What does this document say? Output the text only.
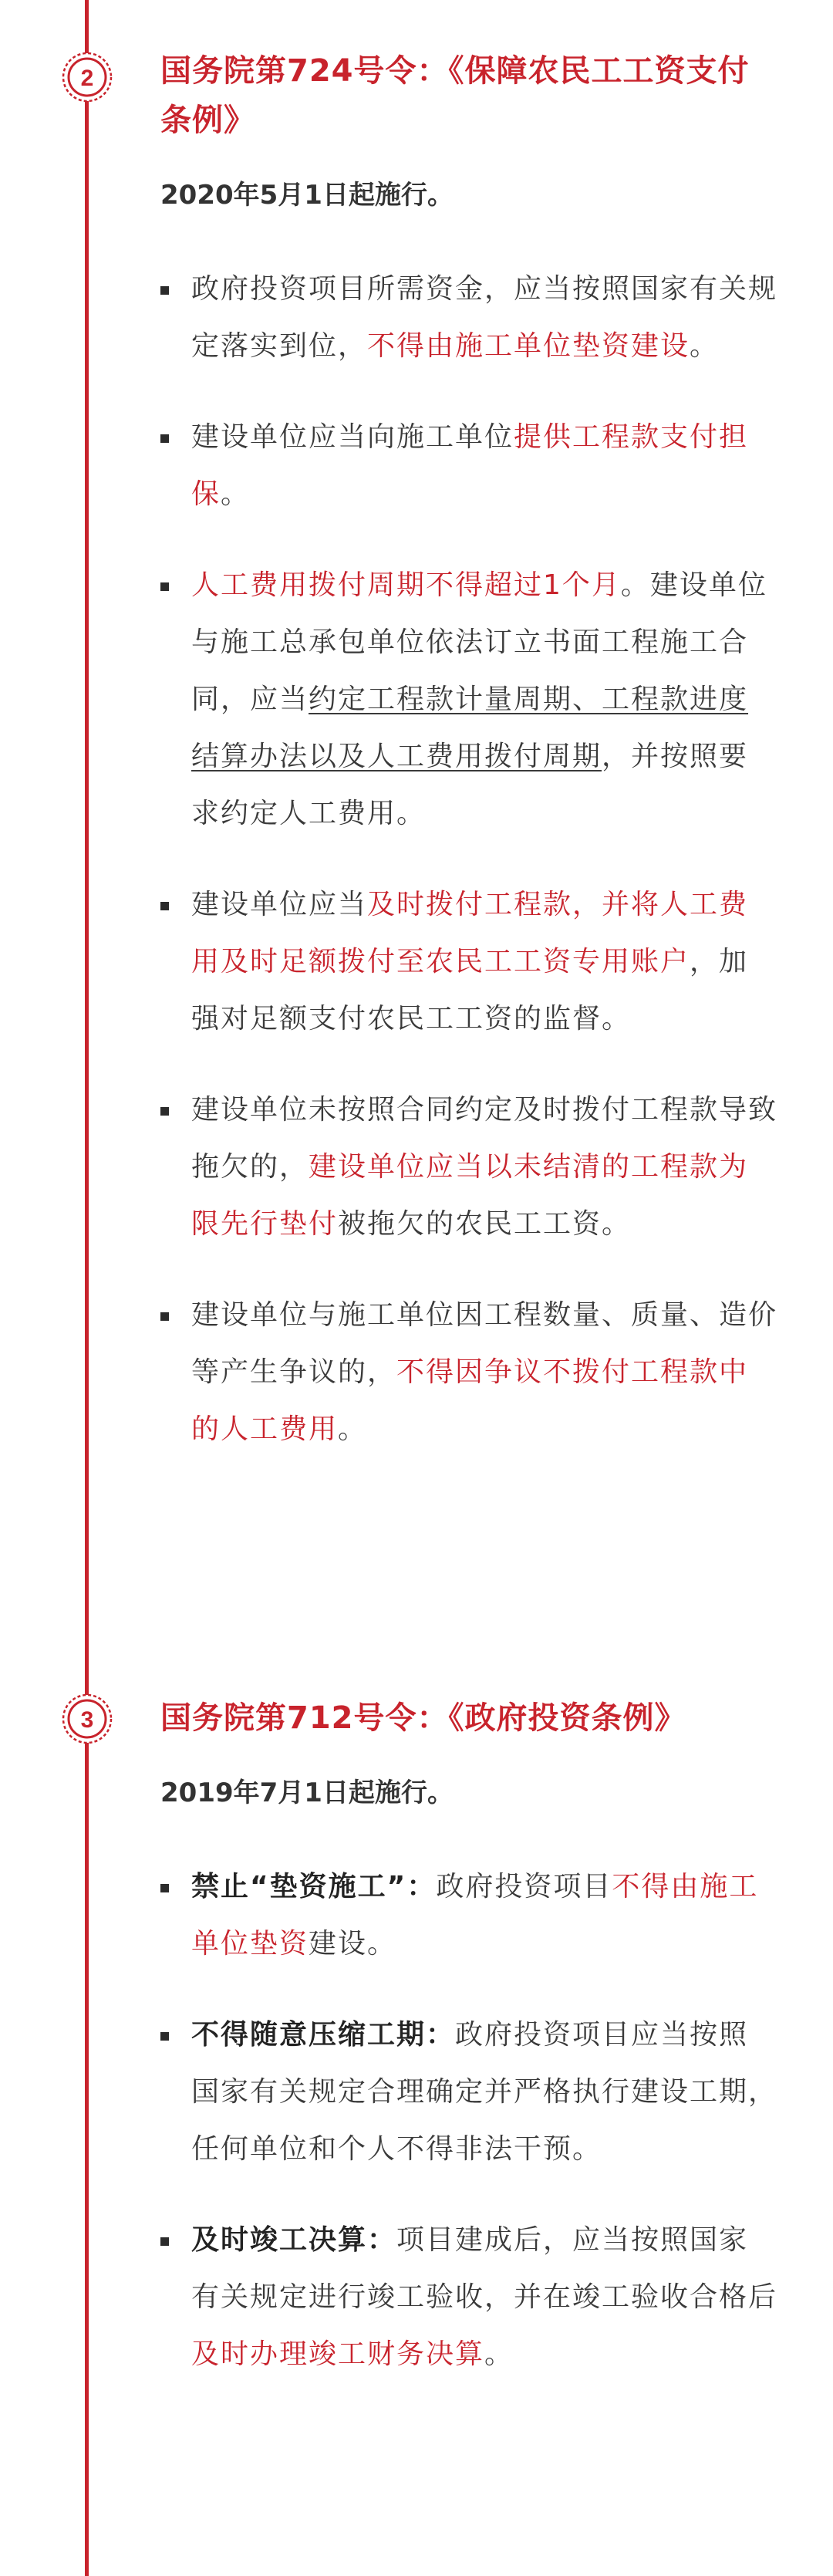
2 国务院第724号令：《保障农民工工资支付条例》

2020年5月1日起施行。

政府投资项目所需资金，应当按照国家有关规定落实到位，不得由施工单位垫资建设。
建设单位应当向施工单位提供工程款支付担保。
人工费用拨付周期不得超过1个月。建设单位与施工总承包单位依法订立书面工程施工合同，应当约定工程款计量周期、工程款进度结算办法以及人工费用拨付周期，并按照要求约定人工费用。
建设单位应当及时拨付工程款，并将人工费用及时足额拨付至农民工工资专用账户，加强对足额支付农民工工资的监督。
建设单位未按照合同约定及时拨付工程款导致拖欠的，建设单位应当以未结清的工程款为限先行垫付被拖欠的农民工工资。
建设单位与施工单位因工程数量、质量、造价等产生争议的，不得因争议不拨付工程款中的人工费用。
3 国务院第712号令：《政府投资条例》

2019年7月1日起施行。

禁止“垫资施工”：政府投资项目不得由施工单位垫资建设。
不得随意压缩工期：政府投资项目应当按照国家有关规定合理确定并严格执行建设工期，任何单位和个人不得非法干预。
及时竣工决算：项目建成后，应当按照国家有关规定进行竣工验收，并在竣工验收合格后及时办理竣工财务决算。
